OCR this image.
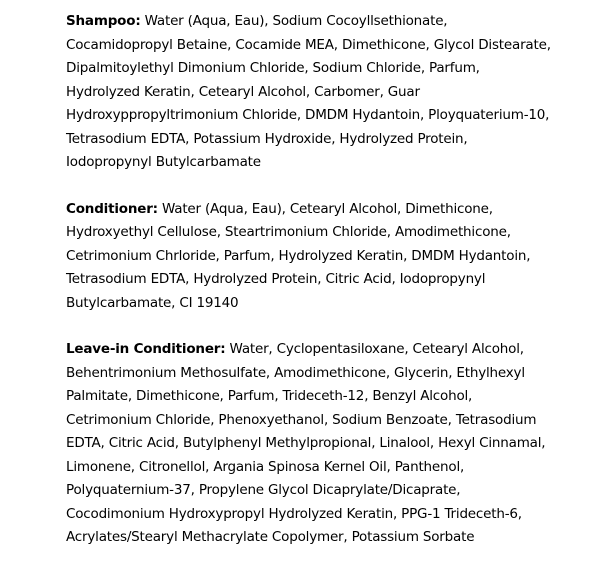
Shampoo: Water (Aqua, Eau), Sodium Cocoyllsethionate, Cocamidopropyl Betaine, Cocamide MEA, Dimethicone, Glycol Distearate, Dipalmitoylethyl Dimonium Chloride, Sodium Chloride, Parfum, Hydrolyzed Keratin, Cetearyl Alcohol, Carbomer, Guar Hydroxyppropyltrimonium Chloride, DMDM Hydantoin, Ployquaterium-10, Tetrasodium EDTA, Potassium Hydroxide, Hydrolyzed Protein, Iodopropynyl Butylcarbamate

Conditioner: Water (Aqua, Eau), Cetearyl Alcohol, Dimethicone, Hydroxyethyl Cellulose, Steartrimonium Chloride, Amodimethicone, Cetrimonium Chrloride, Parfum, Hydrolyzed Keratin, DMDM Hydantoin, Tetrasodium EDTA, Hydrolyzed Protein, Citric Acid, Iodopropynyl Butylcarbamate, CI 19140

Leave-in Conditioner: Water, Cyclopentasiloxane, Cetearyl Alcohol, Behentrimonium Methosulfate, Amodimethicone, Glycerin, Ethylhexyl Palmitate, Dimethicone, Parfum, Trideceth-12, Benzyl Alcohol, Cetrimonium Chloride, Phenoxyethanol, Sodium Benzoate, Tetrasodium EDTA, Citric Acid, Butylphenyl Methylpropional, Linalool, Hexyl Cinnamal, Limonene, Citronellol, Argania Spinosa Kernel Oil, Panthenol, Polyquaternium-37, Propylene Glycol Dicaprylate/Dicaprate, Cocodimonium Hydroxypropyl Hydrolyzed Keratin, PPG-1 Trideceth-6, Acrylates/Stearyl Methacrylate Copolymer, Potassium Sorbate
